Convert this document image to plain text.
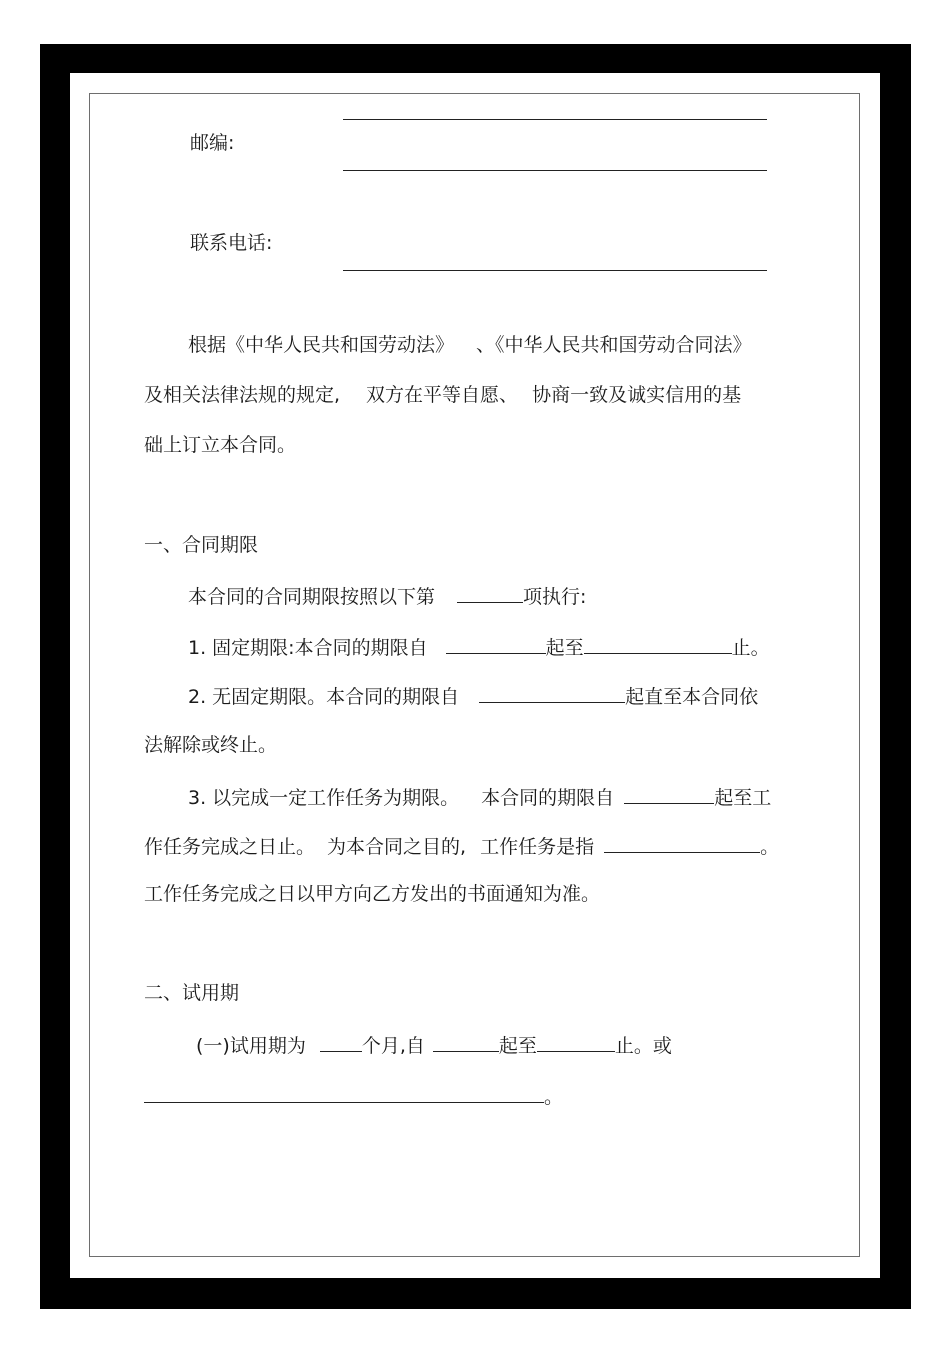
邮编:
联系电话:
根据《中华人民共和国劳动法》 、《中华人民共和国劳动合同法》
及相关法律法规的规定, 双方在平等自愿、 协商一致及诚实信用的基
础上订立本合同。
一、合同期限
本合同的合同期限按照以下第	项执行:
1. 固定期限:本合同的期限自	起至	止。
2. 无固定期限。本合同的期限自	起直至本合同依
法解除或终止。
3. 以完成一定工作任务为期限。 本合同的期限自	起至工
作任务完成之日止。 为本合同之目的, 工作任务是指	。
工作任务完成之日以甲方向乙方发出的书面通知为准。
二、试用期
(一)试用期为	个月,自	起至	止。或
。
